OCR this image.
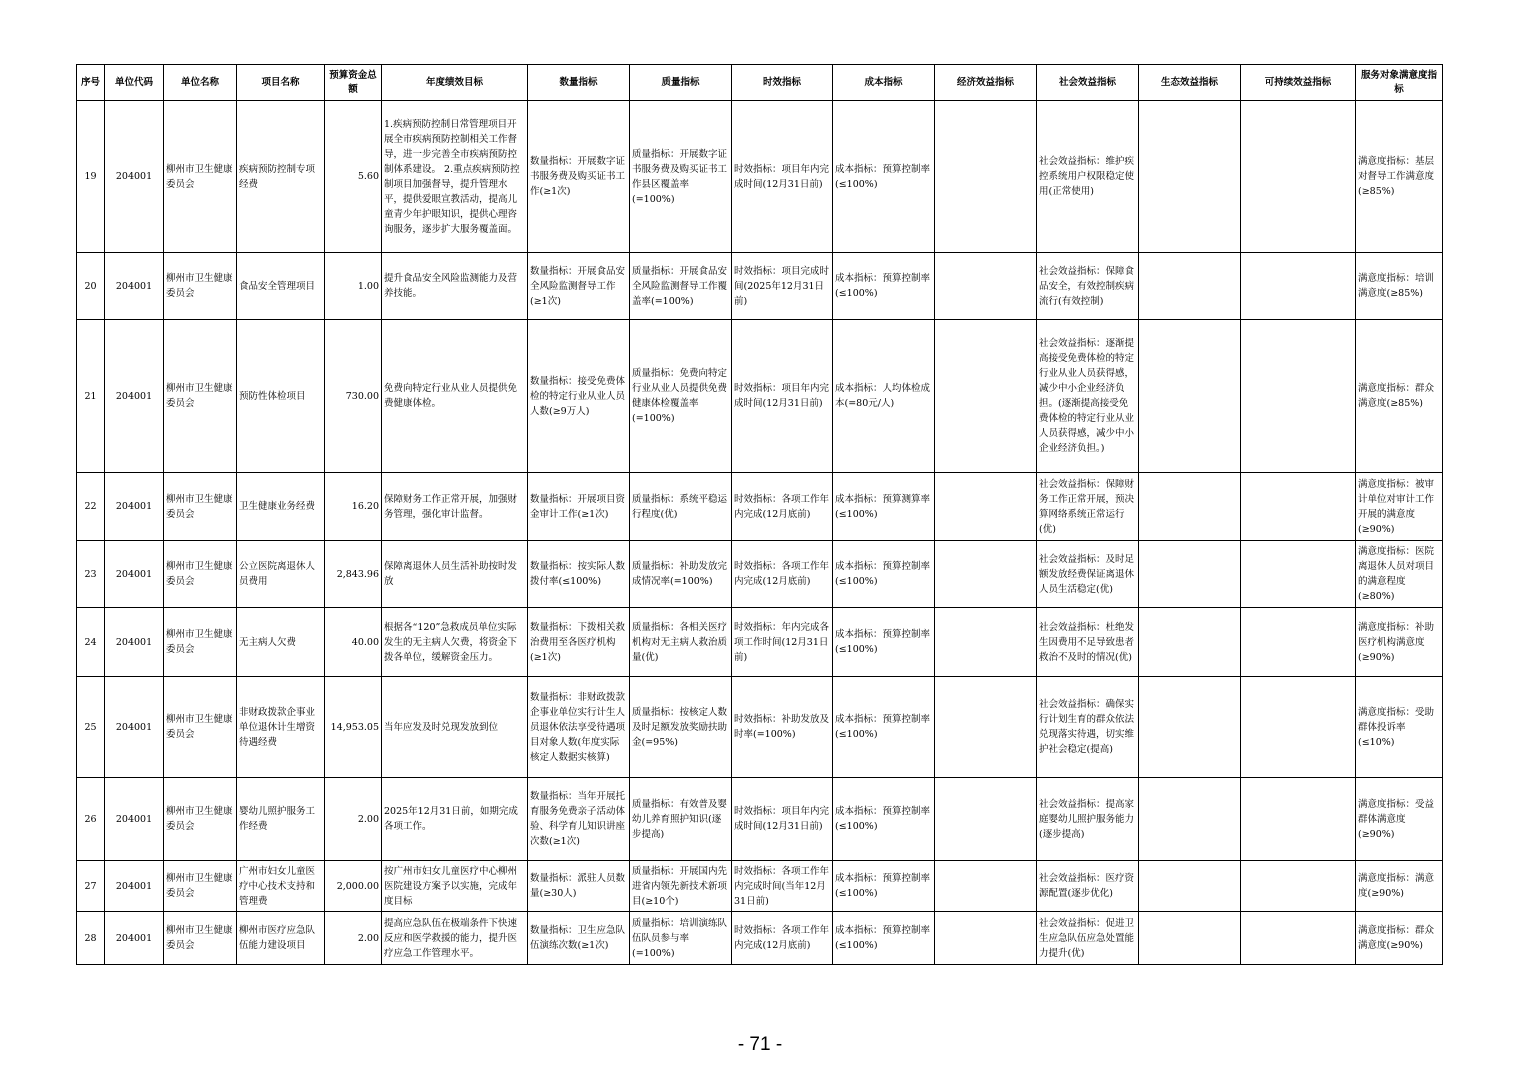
序号	单位代码	单位名称	项目名称	预算资金总额	年度绩效目标	数量指标	质量指标	时效指标	成本指标	经济效益指标	社会效益指标	生态效益指标	可持续效益指标	服务对象满意度指标
19	204001	柳州市卫生健康委员会	疾病预防控制专项经费	5.60	1.疾病预防控制日常管理项目开展全市疾病预防控制相关工作督导，进一步完善全市疾病预防控制体系建设。 2.重点疾病预防控制项目加强督导，提升管理水平，提供爱眼宣教活动，提高儿童青少年护眼知识，提供心理咨询服务，逐步扩大服务覆盖面。	数量指标：开展数字证书服务费及购买证书工作(≥1次)	质量指标：开展数字证书服务费及购买证书工作县区覆盖率(=100%)	时效指标：项目年内完成时间(12月31日前)	成本指标：预算控制率(≤100%)		社会效益指标：维护疾控系统用户权限稳定使用(正常使用)			满意度指标：基层对督导工作满意度(≥85%)
20	204001	柳州市卫生健康委员会	食品安全管理项目	1.00	提升食品安全风险监测能力及营养技能。	数量指标：开展食品安全风险监测督导工作(≥1次)	质量指标：开展食品安全风险监测督导工作覆盖率(=100%)	时效指标：项目完成时间(2025年12月31日前)	成本指标：预算控制率(≤100%)		社会效益指标：保障食品安全，有效控制疾病流行(有效控制)			满意度指标：培训满意度(≥85%)
21	204001	柳州市卫生健康委员会	预防性体检项目	730.00	免费向特定行业从业人员提供免费健康体检。	数量指标：接受免费体检的特定行业从业人员人数(≥9万人)	质量指标：免费向特定行业从业人员提供免费健康体检覆盖率(=100%)	时效指标：项目年内完成时间(12月31日前)	成本指标：人均体检成本(=80元/人)		社会效益指标：逐渐提高接受免费体检的特定行业从业人员获得感，减少中小企业经济负担。(逐渐提高接受免费体检的特定行业从业人员获得感，减少中小企业经济负担。)			满意度指标：群众满意度(≥85%)
22	204001	柳州市卫生健康委员会	卫生健康业务经费	16.20	保障财务工作正常开展，加强财务管理，强化审计监督。	数量指标：开展项目资金审计工作(≥1次)	质量指标：系统平稳运行程度(优)	时效指标：各项工作年内完成(12月底前)	成本指标：预算测算率(≤100%)		社会效益指标：保障财务工作正常开展，预决算网络系统正常运行(优)			满意度指标：被审计单位对审计工作开展的满意度(≥90%)
23	204001	柳州市卫生健康委员会	公立医院离退休人员费用	2,843.96	保障离退休人员生活补助按时发放	数量指标：按实际人数拨付率(≤100%)	质量指标：补助发放完成情况率(=100%)	时效指标：各项工作年内完成(12月底前)	成本指标：预算控制率(≤100%)		社会效益指标：及时足额发放经费保证离退休人员生活稳定(优)			满意度指标：医院离退休人员对项目的满意程度(≥80%)
24	204001	柳州市卫生健康委员会	无主病人欠费	40.00	根据各“120”急救成员单位实际发生的无主病人欠费，将资金下拨各单位，缓解资金压力。	数量指标：下拨相关救治费用至各医疗机构(≥1次)	质量指标：各相关医疗机构对无主病人救治质量(优)	时效指标：年内完成各项工作时间(12月31日前)	成本指标：预算控制率(≤100%)		社会效益指标：杜绝发生因费用不足导致患者救治不及时的情况(优)			满意度指标：补助医疗机构满意度(≥90%)
25	204001	柳州市卫生健康委员会	非财政拨款企事业单位退休计生增资待遇经费	14,953.05	当年应发及时兑现发放到位	数量指标：非财政拨款企事业单位实行计生人员退休依法享受待遇项目对象人数(年度实际核定人数据实核算)	质量指标：按核定人数及时足额发放奖励扶助金(=95%)	时效指标：补助发放及时率(=100%)	成本指标：预算控制率(≤100%)		社会效益指标：确保实行计划生育的群众依法兑现落实待遇，切实维护社会稳定(提高)			满意度指标：受助群体投诉率(≤10%)
26	204001	柳州市卫生健康委员会	婴幼儿照护服务工作经费	2.00	2025年12月31日前，如期完成各项工作。	数量指标：当年开展托育服务免费亲子活动体验、科学育儿知识讲座次数(≥1次)	质量指标：有效普及婴幼儿养育照护知识(逐步提高)	时效指标：项目年内完成时间(12月31日前)	成本指标：预算控制率(≤100%)		社会效益指标：提高家庭婴幼儿照护服务能力(逐步提高)			满意度指标：受益群体满意度(≥90%)
27	204001	柳州市卫生健康委员会	广州市妇女儿童医疗中心技术支持和管理费	2,000.00	按广州市妇女儿童医疗中心柳州医院建设方案予以实施，完成年度目标	数量指标：派驻人员数量(≥30人)	质量指标：开展国内先进省内领先新技术新项目(≥10个)	时效指标：各项工作年内完成时间(当年12月31日前)	成本指标：预算控制率(≤100%)		社会效益指标：医疗资源配置(逐步优化)			满意度指标：满意度(≥90%)
28	204001	柳州市卫生健康委员会	柳州市医疗应急队伍能力建设项目	2.00	提高应急队伍在极端条件下快速反应和医学救援的能力，提升医疗应急工作管理水平。	数量指标：卫生应急队伍演练次数(≥1次)	质量指标：培训演练队伍队员参与率(=100%)	时效指标：各项工作年内完成(12月底前)	成本指标：预算控制率(≤100%)		社会效益指标：促进卫生应急队伍应急处置能力提升(优)			满意度指标：群众满意度(≥90%)
- 71 -
